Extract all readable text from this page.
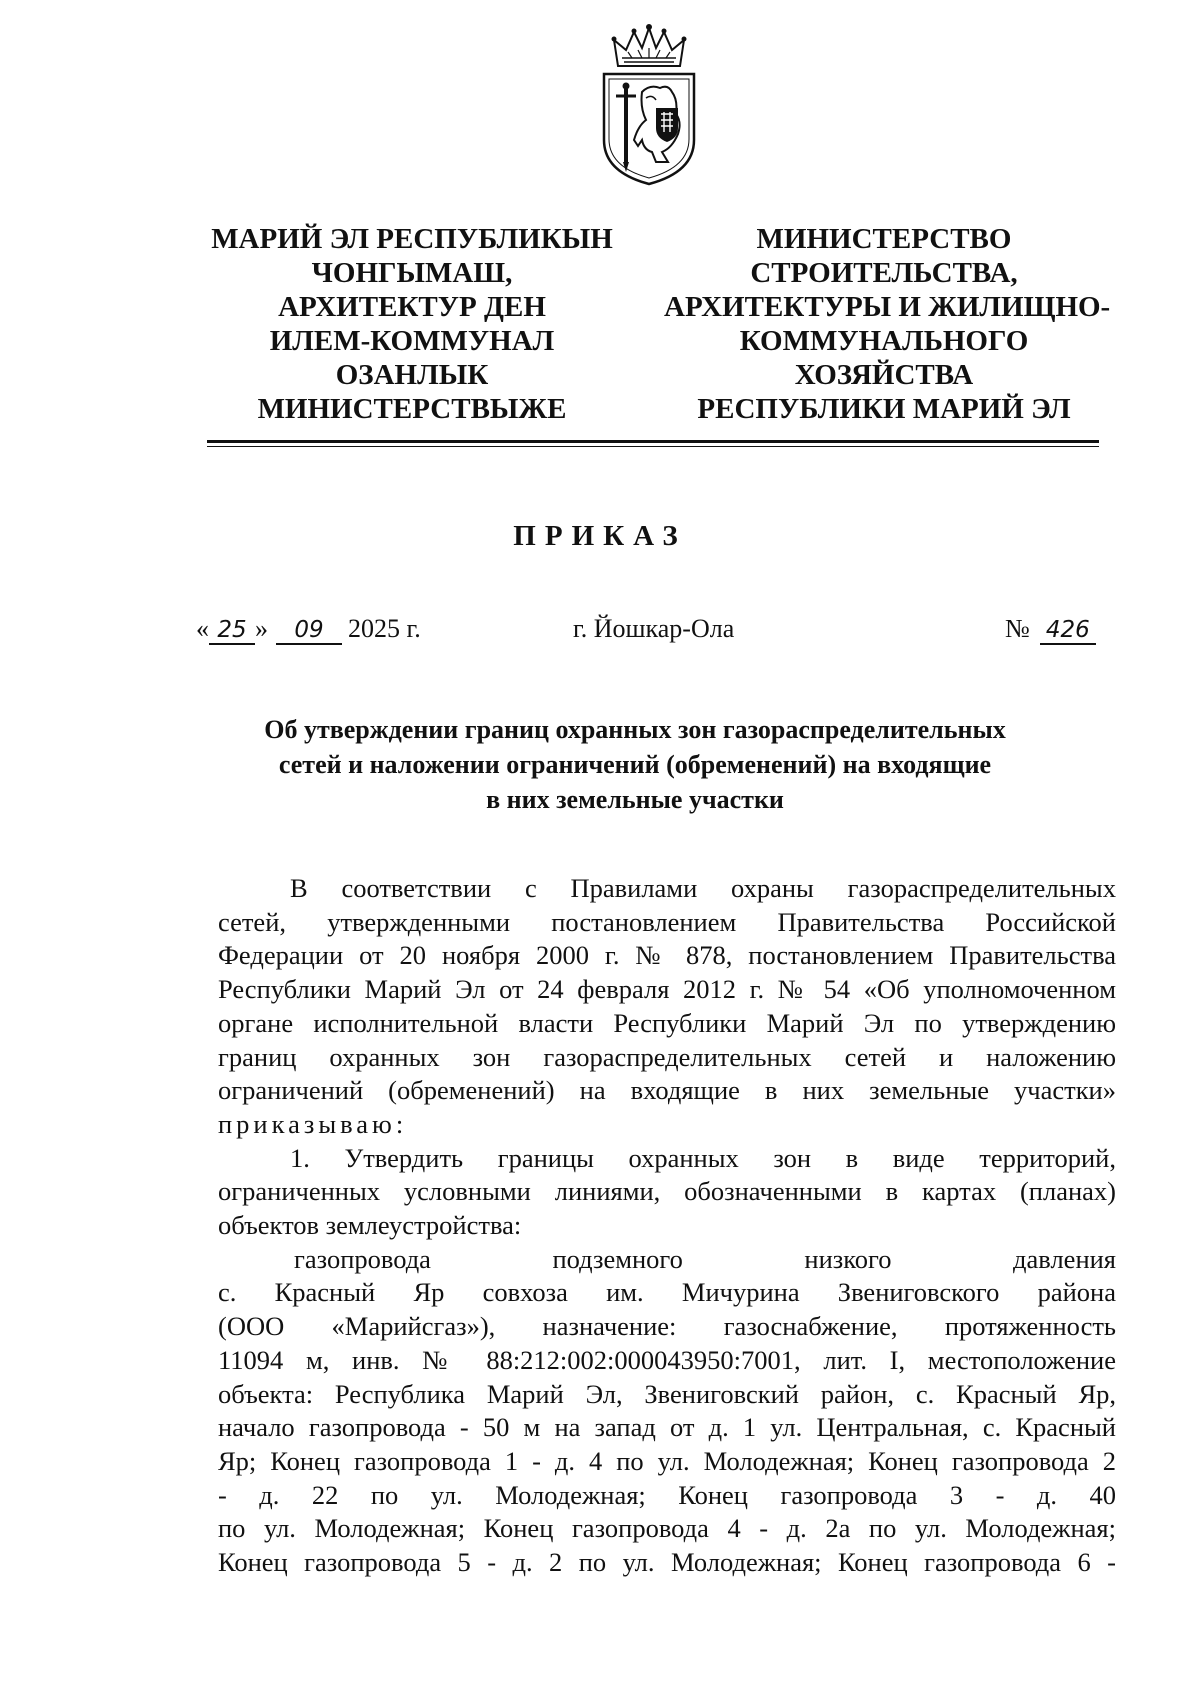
МАРИЙ ЭЛ РЕСПУБЛИКЫН
ЧОНГЫМАШ,
АРХИТЕКТУР ДЕН
ИЛЕМ-КОММУНАЛ
ОЗАНЛЫК
МИНИСТЕРСТВЫЖЕ
МИНИСТЕРСТВО
СТРОИТЕЛЬСТВА,
АРХИТЕКТУРЫ И ЖИЛИЩНО-
КОММУНАЛЬНОГО
ХОЗЯЙСТВА
РЕСПУБЛИКИ МАРИЙ ЭЛ
ПРИКАЗ
« 25 » 09 2025 г.	г. Йошкар-Ола	№ 426
Об утверждении границ охранных зон газораспределительных
сетей и наложении ограничений (обременений) на входящие
в них земельные участки
В соответствии с Правилами охраны газораспределительных
сетей, утвержденными постановлением Правительства Российской
Федерации от 20 ноября 2000 г. № 878, постановлением Правительства
Республики Марий Эл от 24 февраля 2012 г. № 54 «Об уполномоченном
органе исполнительной власти Республики Марий Эл по утверждению
границ охранных зон газораспределительных сетей и наложению
ограничений (обременений) на входящие в них земельные участки»
приказываю:
1. Утвердить границы охранных зон в виде территорий,
ограниченных условными линиями, обозначенными в картах (планах)
объектов землеустройства:
газопровода подземного низкого давления
с. Красный Яр совхоза им. Мичурина Звениговского района
(ООО «Марийсгаз»), назначение: газоснабжение, протяженность
11094 м, инв. № 88:212:002:000043950:7001, лит. I, местоположение
объекта: Республика Марий Эл, Звениговский район, с. Красный Яр,
начало газопровода - 50 м на запад от д. 1 ул. Центральная, с. Красный
Яр; Конец газопровода 1 - д. 4 по ул. Молодежная; Конец газопровода 2
- д. 22 по ул. Молодежная; Конец газопровода 3 - д. 40
по ул. Молодежная; Конец газопровода 4 - д. 2а по ул. Молодежная;
Конец газопровода 5 - д. 2 по ул. Молодежная; Конец газопровода 6 -
